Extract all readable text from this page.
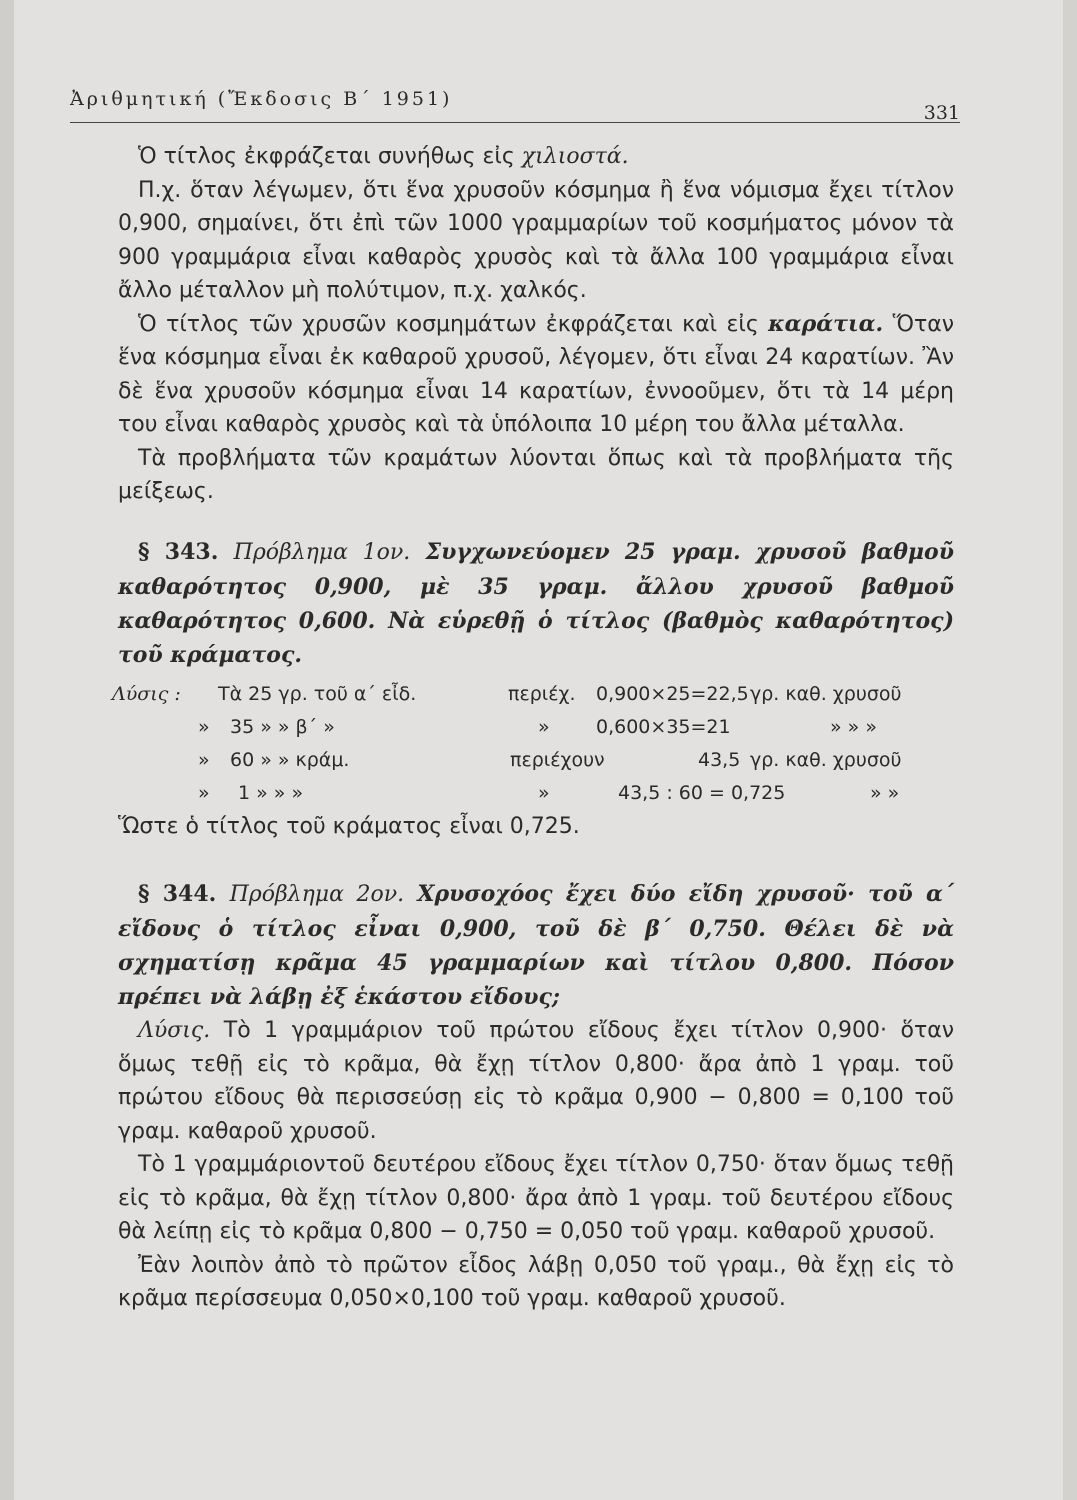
Ἀριθμητική (Ἔκδοσις Β΄ 1951)
331

Ὁ τίτλος ἐκφράζεται συνήθως εἰς χιλιοστά.

Π.χ. ὅταν λέγωμεν, ὅτι ἕνα χρυσοῦν κόσμημα ἢ ἕνα νόμισμα ἔχει τίτλον 0,900, σημαίνει, ὅτι ἐπὶ τῶν 1000 γραμμαρίων τοῦ κοσμήματος μόνον τὰ 900 γραμμάρια εἶναι καθαρὸς χρυσὸς καὶ τὰ ἄλλα 100 γραμμάρια εἶναι ἄλλο μέταλλον μὴ πολύτιμον, π.χ. χαλκός.

Ὁ τίτλος τῶν χρυσῶν κοσμημάτων ἐκφράζεται καὶ εἰς καράτια. Ὅταν ἕνα κόσμημα εἶναι ἐκ καθαροῦ χρυσοῦ, λέγομεν, ὅτι εἶναι 24 καρατίων. Ἂν δὲ ἕνα χρυσοῦν κόσμημα εἶναι 14 καρατίων, ἐννοοῦμεν, ὅτι τὰ 14 μέρη του εἶναι καθαρὸς χρυσὸς καὶ τὰ ὑπόλοιπα 10 μέρη του ἄλλα μέταλλα.

Τὰ προβλήματα τῶν κραμάτων λύονται ὅπως καὶ τὰ προβλήματα τῆς μείξεως.

§ 343. Πρόβλημα 1ον. Συγχωνεύομεν 25 γραμ. χρυσοῦ βαθμοῦ καθαρότητος 0,900, μὲ 35 γραμ. ἄλλου χρυσοῦ βαθμοῦ καθαρότητος 0,600. Νὰ εὑρεθῇ ὁ τίτλος (βαθμὸς καθαρότητος) τοῦ κράματος.

Λύσις : Τὰ 25 γρ. τοῦ α΄ εἶδ.	περιέχ. 0,900×25=22,5 γρ. καθ. χρυσοῦ
» 35 » » β΄ »	» 0,600×35=21	» » »
» 60 » » κράμ.	περιέχουν	43,5 γρ. καθ. χρυσοῦ
» 1 » » »	»	43,5 : 60 = 0,725	» »

Ὥστε ὁ τίτλος τοῦ κράματος εἶναι 0,725.

§ 344. Πρόβλημα 2ον. Χρυσοχόος ἔχει δύο εἴδη χρυσοῦ· τοῦ α΄ εἴδους ὁ τίτλος εἶναι 0,900, τοῦ δὲ β΄ 0,750. Θέλει δὲ νὰ σχηματίσῃ κρᾶμα 45 γραμμαρίων καὶ τίτλου 0,800. Πόσον πρέπει νὰ λάβῃ ἐξ ἑκάστου εἴδους;

Λύσις. Τὸ 1 γραμμάριον τοῦ πρώτου εἴδους ἔχει τίτλον 0,900· ὅταν ὅμως τεθῇ εἰς τὸ κρᾶμα, θὰ ἔχῃ τίτλον 0,800· ἄρα ἀπὸ 1 γραμ. τοῦ πρώτου εἴδους θὰ περισσεύσῃ εἰς τὸ κρᾶμα 0,900 − 0,800 = 0,100 τοῦ γραμ. καθαροῦ χρυσοῦ.

Τὸ 1 γραμμάριοντοῦ δευτέρου εἴδους ἔχει τίτλον 0,750· ὅταν ὅμως τεθῇ εἰς τὸ κρᾶμα, θὰ ἔχῃ τίτλον 0,800· ἄρα ἀπὸ 1 γραμ. τοῦ δευτέρου εἴδους θὰ λείπῃ εἰς τὸ κρᾶμα 0,800 − 0,750 = 0,050 τοῦ γραμ. καθαροῦ χρυσοῦ.

Ἐὰν λοιπὸν ἀπὸ τὸ πρῶτον εἶδος λάβῃ 0,050 τοῦ γραμ., θὰ ἔχῃ εἰς τὸ κρᾶμα περίσσευμα 0,050×0,100 τοῦ γραμ. καθαροῦ χρυσοῦ.
